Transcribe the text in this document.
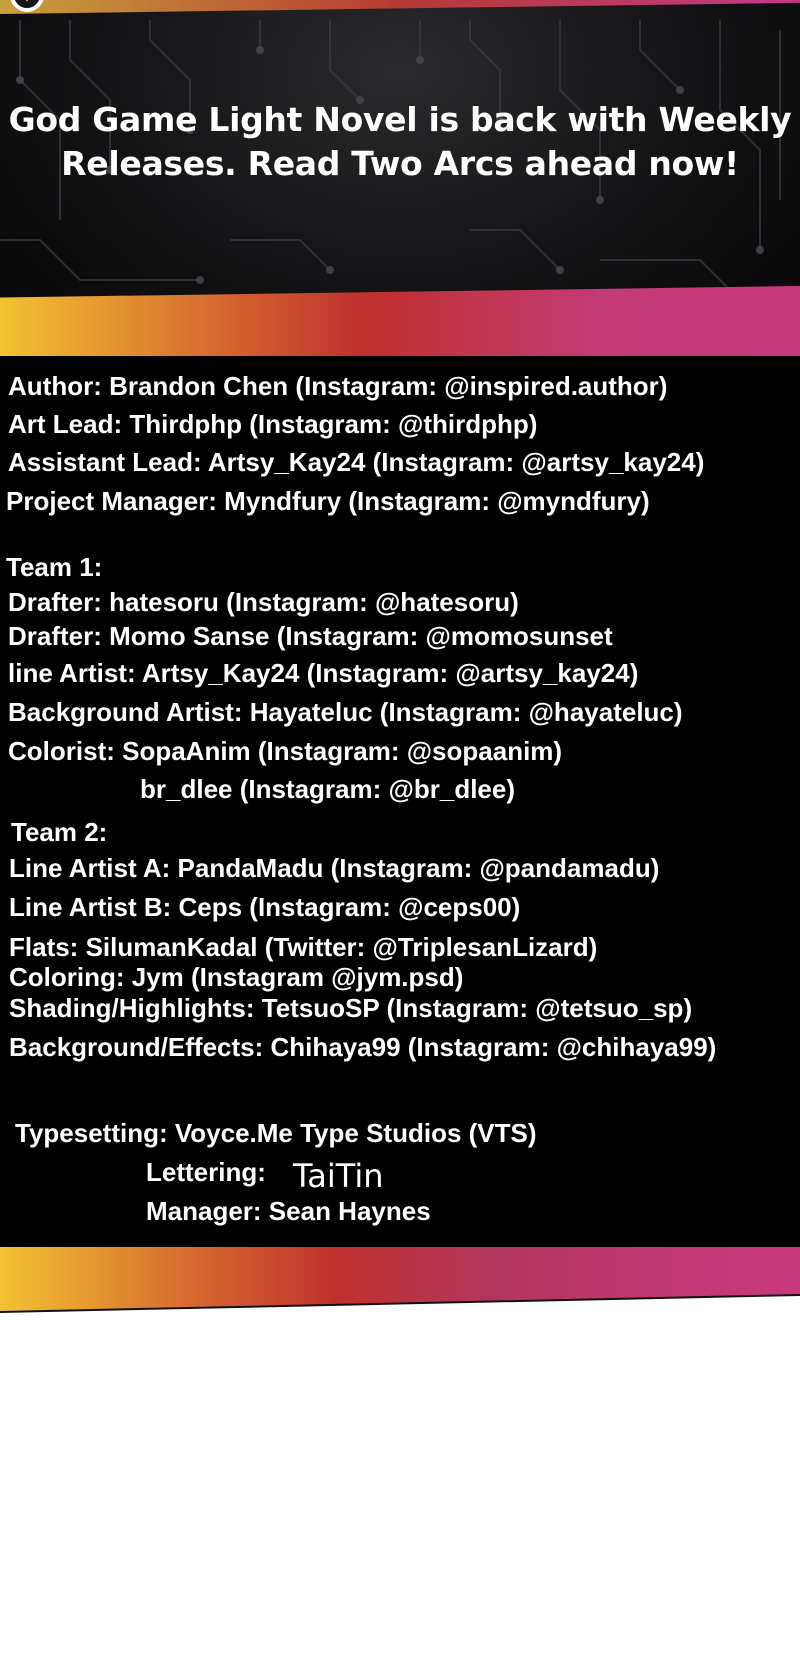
God Game Light Novel is back with Weekly
Releases. Read Two Arcs ahead now!
Author: Brandon Chen (Instagram: @inspired.author)
Art Lead: Thirdphp (Instagram: @thirdphp)
Assistant Lead: Artsy_Kay24 (Instagram: @artsy_kay24)
Project Manager: Myndfury (Instagram: @myndfury)
Team 1:
Drafter: hatesoru (Instagram: @hatesoru)
Drafter: Momo Sanse (Instagram: @momosunset
line Artist: Artsy_Kay24 (Instagram: @artsy_kay24)
Background Artist: Hayateluc (Instagram: @hayateluc)
Colorist: SopaAnim (Instagram: @sopaanim)
br_dlee (Instagram: @br_dlee)
Team 2:
Line Artist A: PandaMadu (Instagram: @pandamadu)
Line Artist B: Ceps (Instagram: @ceps00)
Flats: SilumanKadal (Twitter: @TriplesanLizard)
Coloring: Jym (Instagram @jym.psd)
Shading/Highlights: TetsuoSP (Instagram: @tetsuo_sp)
Background/Effects: Chihaya99 (Instagram: @chihaya99)
Typesetting: Voyce.Me Type Studios (VTS)
Lettering: TaiTin
Manager: Sean Haynes
